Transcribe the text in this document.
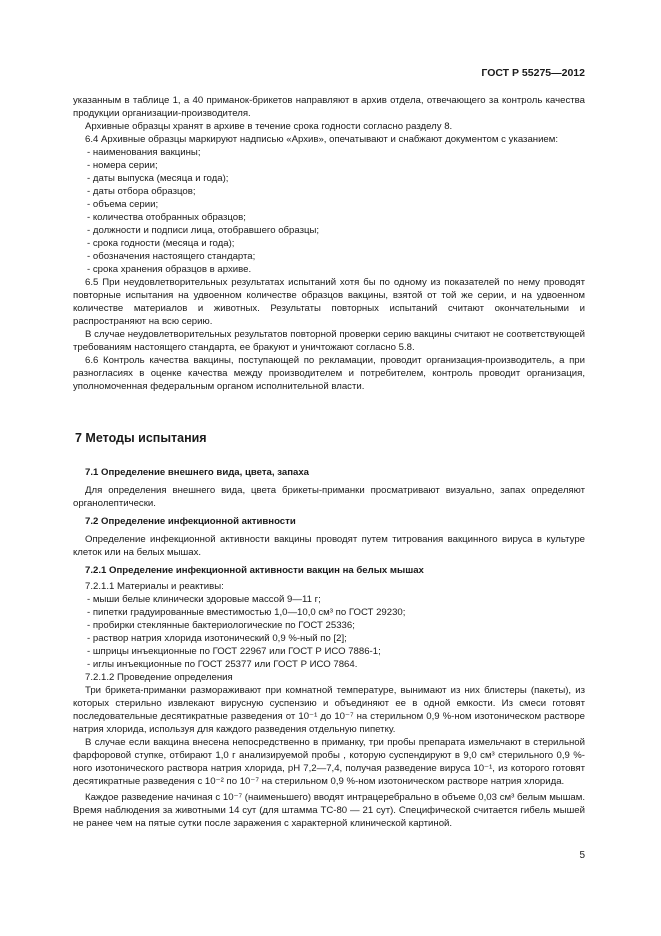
ГОСТ Р 55275—2012

указанным в таблице 1, а 40 приманок-брикетов направляют в архив отдела, отвечающего за контроль качества продукции организации-производителя.

Архивные образцы хранят в архиве в течение срока годности согласно разделу 8.

6.4 Архивные образцы маркируют надписью «Архив», опечатывают и снабжают документом с указанием:

- наименования вакцины;

- номера серии;

- даты выпуска (месяца и года);

- даты отбора образцов;

- объема серии;

- количества отобранных образцов;

- должности и подписи лица, отобравшего образцы;

- срока годности (месяца и года);

- обозначения настоящего стандарта;

- срока хранения образцов в архиве.

6.5 При неудовлетворительных результатах испытаний хотя бы по одному из показателей по нему проводят повторные испытания на удвоенном количестве образцов вакцины, взятой от той же серии, и на удвоенном количестве материалов и животных. Результаты повторных испытаний считают окончательными и распространяют на всю серию.

В случае неудовлетворительных результатов повторной проверки серию вакцины считают не соответствующей требованиям настоящего стандарта, ее бракуют и уничтожают согласно 5.8.

6.6 Контроль качества вакцины, поступающей по рекламации, проводит организация-производитель, а при разногласиях в оценке качества между производителем и потребителем, контроль проводит организация, уполномоченная федеральным органом исполнительной власти.

7 Методы испытания

7.1 Определение внешнего вида, цвета, запаха

Для определения внешнего вида, цвета брикеты-приманки просматривают визуально, запах определяют органолептически.

7.2 Определение инфекционной активности

Определение инфекционной активности вакцины проводят путем титрования вакцинного вируса в культуре клеток или на белых мышах.

7.2.1 Определение инфекционной активности вакцин на белых мышах

7.2.1.1 Материалы и реактивы:

- мыши белые клинически здоровые массой 9—11 г;

- пипетки градуированные вместимостью 1,0—10,0 см³ по ГОСТ 29230;

- пробирки стеклянные бактериологические по ГОСТ 25336;

- раствор натрия хлорида изотонический 0,9 %-ный по [2];

- шприцы инъекционные по ГОСТ 22967 или ГОСТ Р ИСО 7886-1;

- иглы инъекционные по ГОСТ 25377 или ГОСТ Р ИСО 7864.

7.2.1.2 Проведение определения

Три брикета-приманки размораживают при комнатной температуре, вынимают из них блистеры (пакеты), из которых стерильно извлекают вирусную суспензию и объединяют ее в одной емкости. Из смеси готовят последовательные десятикратные разведения от 10⁻¹ до 10⁻⁷ на стерильном 0,9 %-ном изотоническом растворе натрия хлорида, используя для каждого разведения отдельную пипетку.

В случае если вакцина внесена непосредственно в приманку, три пробы препарата измельчают в стерильной фарфоровой ступке, отбирают 1,0 г анализируемой пробы , которую суспендируют в 9,0 см³ стерильного 0,9 %-ного изотонического раствора натрия хлорида, рН 7,2—7,4, получая разведение вируса 10⁻¹, из которого готовят десятикратные разведения с 10⁻² по 10⁻⁷ на стерильном 0,9 %-ном изотоническом растворе натрия хлорида.

Каждое разведение начиная с 10⁻⁷ (наименьшего) вводят интрацеребрально в объеме 0,03 см³ белым мышам. Время наблюдения за животными 14 сут (для штамма ТС-80 — 21 сут). Специфической считается гибель мышей не ранее чем на пятые сутки после заражения с характерной клинической картиной.

5
